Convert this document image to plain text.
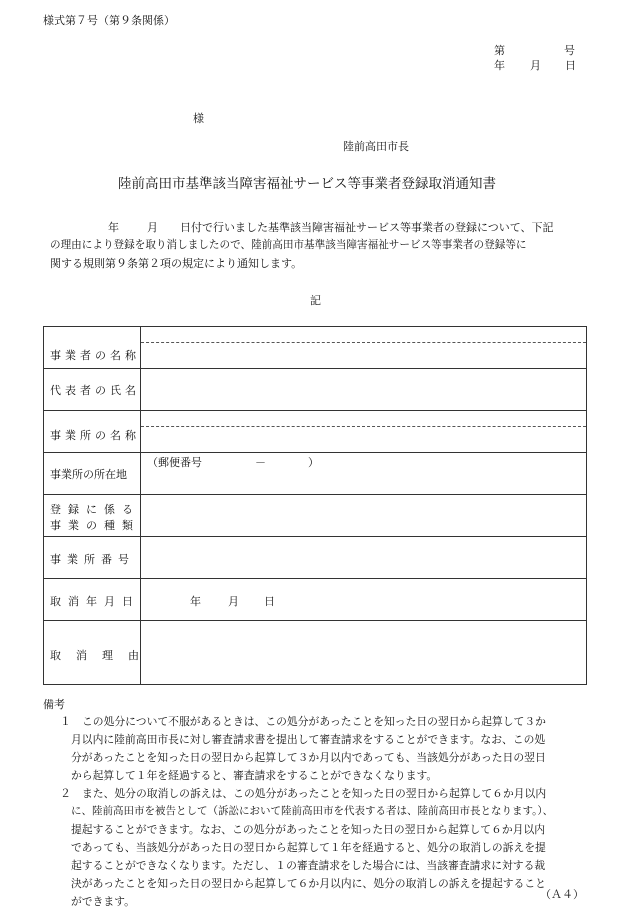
様式第７号（第９条関係）
第	号
年 月 日
様
陸前高田市長
陸前高田市基準該当障害福祉サービス等事業者登録取消通知書
年	月 日付で行いました基準該当障害福祉サービス等事業者の登録について、下記
の理由により登録を取り消しましたので、陸前高田市基準該当障害福祉サービス等事業者の登録等に
関する規則第９条第２項の規定により通知します。
記
事業者の名称	

代表者の氏名	

事業所の名称	

事業所の所在地	（郵便番号 － ）

登録に係る
事業の種類	

事業所番号	

取消年月日	年 月 日

取消理由	

備考
１ この処分について不服があるときは、この処分があったことを知った日の翌日から起算して３か
月以内に陸前高田市長に対し審査請求書を提出して審査請求をすることができます。なお、この処
分があったことを知った日の翌日から起算して３か月以内であっても、当該処分があった日の翌日
から起算して１年を経過すると、審査請求をすることができなくなります。
２ また、処分の取消しの訴えは、この処分があったことを知った日の翌日から起算して６か月以内
に、陸前高田市を被告として（訴訟において陸前高田市を代表する者は、陸前高田市長となります。）、
提起することができます。なお、この処分があったことを知った日の翌日から起算して６か月以内
であっても、当該処分があった日の翌日から起算して１年を経過すると、処分の取消しの訴えを提
起することができなくなります。ただし、１の審査請求をした場合には、当該審査請求に対する裁
決があったことを知った日の翌日から起算して６か月以内に、処分の取消しの訴えを提起すること
ができます。
（Ａ４）
